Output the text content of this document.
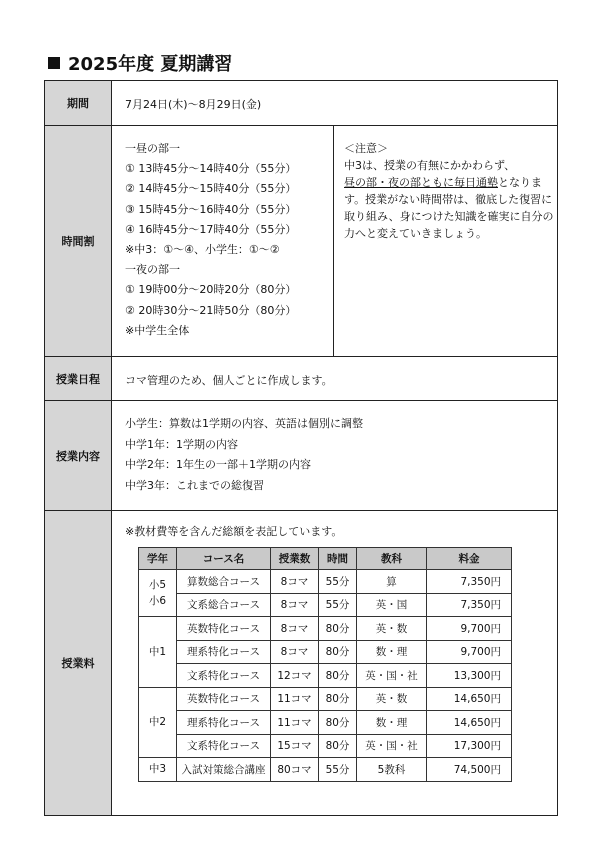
2025年度 夏期講習
期間	7月24日(木)～8月29日(金)
時間割
一昼の部一
① 13時45分～14時40分（55分）
② 14時45分～15時40分（55分）
③ 15時45分～16時40分（55分）
④ 16時45分～17時40分（55分）
※中3：①～④、小学生：①～②
一夜の部一
① 19時00分～20時20分（80分）
② 20時30分～21時50分（80分）
※中学生全体
＜注意＞
中3は、授業の有無にかかわらず、
昼の部・夜の部ともに毎日通塾となります。授業がない時間帯は、徹底した復習に取り組み、身につけた知識を確実に自分の力へと変えていきましょう。
授業日程	コマ管理のため、個人ごとに作成します。
授業内容
小学生：算数は1学期の内容、英語は個別に調整
中学1年：1学期の内容
中学2年：1年生の一部＋1学期の内容
中学3年：これまでの総復習
授業料
※教材費等を含んだ総額を表記しています。
学年	コース名	授業数	時間	教科	料金
小5
小6	算数総合コース	8コマ	55分	算	7,350円
	文系総合コース	8コマ	55分	英・国	7,350円
中1	英数特化コース	8コマ	80分	英・数	9,700円
	理系特化コース	8コマ	80分	数・理	9,700円
	文系特化コース	12コマ	80分	英・国・社	13,300円
中2	英数特化コース	11コマ	80分	英・数	14,650円
	理系特化コース	11コマ	80分	数・理	14,650円
	文系特化コース	15コマ	80分	英・国・社	17,300円
中3	入試対策総合講座	80コマ	55分	5教科	74,500円
